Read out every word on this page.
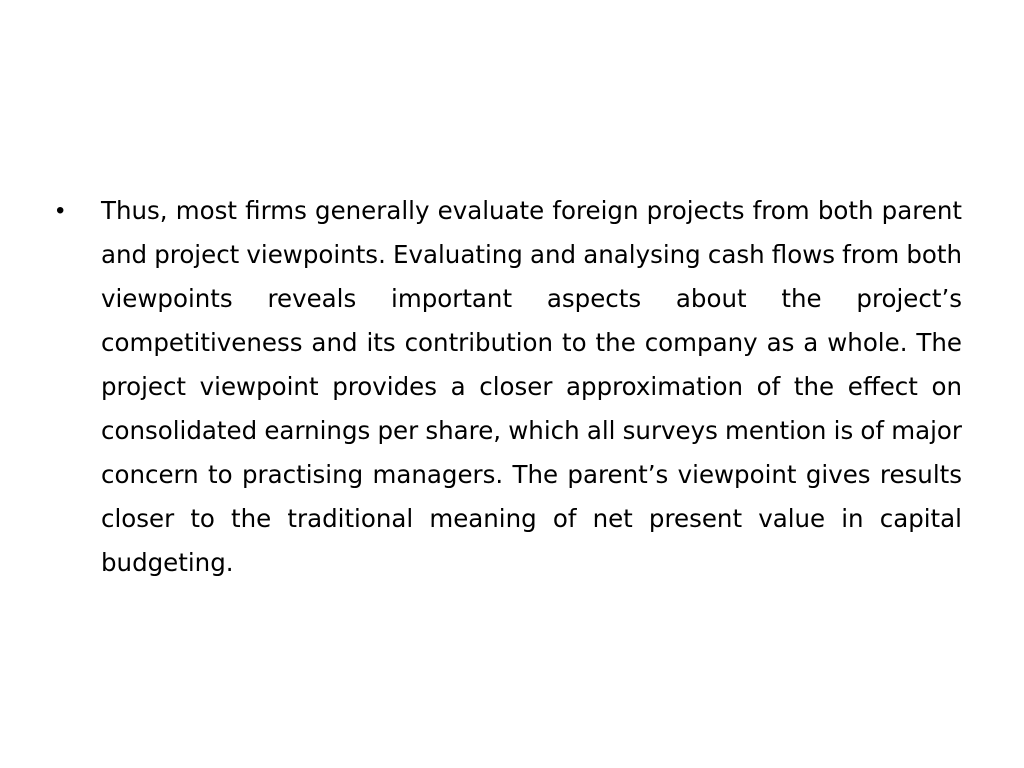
• Thus, most firms generally evaluate foreign projects from both parent and project viewpoints. Evaluating and analysing cash flows from both viewpoints reveals important aspects about the project’s competitiveness and its contribution to the company as a whole. The project viewpoint provides a closer approximation of the effect on consolidated earnings per share, which all surveys mention is of major concern to practising managers. The parent’s viewpoint gives results closer to the traditional meaning of net present value in capital budgeting.
